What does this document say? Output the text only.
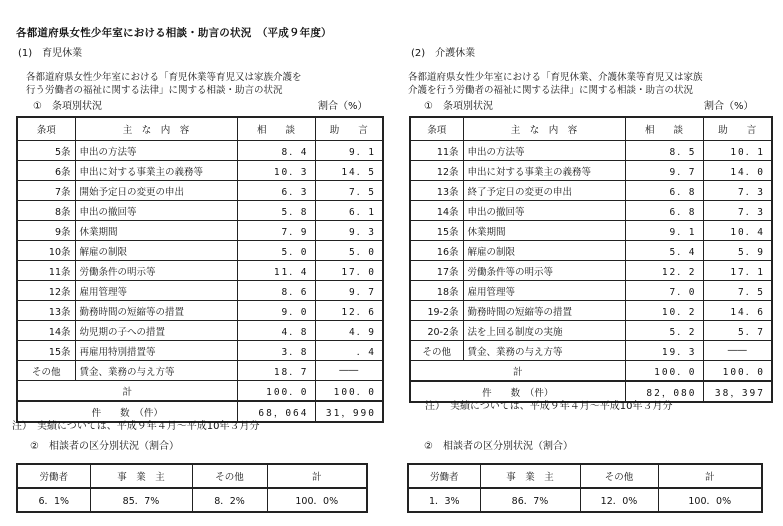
各都道府県女性少年室における相談・助言の状況　（平成９年度）
(1)　育児休業
各都道府県女性少年室における「育児休業等育児又は家族介護を
行う労働者の福祉に関する法律」に関する相談・助言の状況
①　条項別状況	割合（%）
条項	主　な　内　容	相　　談	助　　言
5条	申出の方法等	8．4	9．1
6条	申出に対する事業主の義務等	10．3	14．5
7条	開始予定日の変更の申出	6．3	7．5
8条	申出の撤回等	5．8	6．1
9条	休業期間	7．9	9．3
10条	解雇の制限	5．0	5．0
11条	労働条件の明示等	11．4	17．0
12条	雇用管理等	8．6	9．7
13条	勤務時間の短縮等の措置	9．0	12．6
14条	幼児期の子への措置	4．8	4．9
15条	再雇用特別措置等	3．8	．4
その他	賃金、業務の与え方等	18．7	――
計		100．0	100．0
件　　数　（件）		68，064	31，990
注）　実績については、平成９年４月～平成10年３月分
②　相談者の区分別状況（割合）
労働者	事　業　主	その他	計
6．1%	85．7%	8．2%	100．0%
(2)　介護休業
各都道府県女性少年室における「育児休業、介護休業等育児又は家族
介護を行う労働者の福祉に関する法律」に関する相談・助言の状況
①　条項別状況	割合（%）
条項	主　な　内　容	相　　談	助　　言
11条	申出の方法等	8．5	10．1
12条	申出に対する事業主の義務等	9．7	14．0
13条	終了予定日の変更の申出	6．8	7．3
14条	申出の撤回等	6．8	7．3
15条	休業期間	9．1	10．4
16条	解雇の制限	5．4	5．9
17条	労働条件等の明示等	12．2	17．1
18条	雇用管理等	7．0	7．5
19-2条	勤務時間の短縮等の措置	10．2	14．6
20-2条	法を上回る制度の実施	5．2	5．7
その他	賃金、業務の与え方等	19．3	――
計		100．0	100．0
件　　数　（件）		82，080	38，397
注）　実績については、平成９年４月～平成10年３月分
②　相談者の区分別状況（割合）
労働者	事　業　主	その他	計
1．3%	86．7%	12．0%	100．0%
